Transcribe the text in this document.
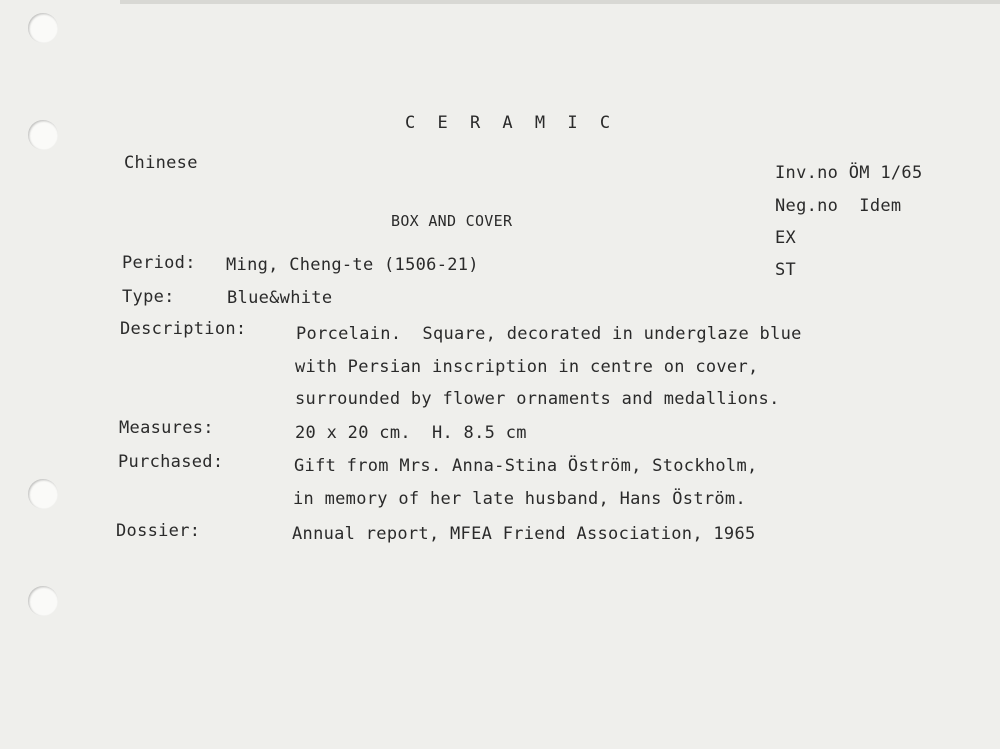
C E R A M I C
Chinese	Inv.no ÖM 1/65
Neg.no  Idem
EX
ST
BOX AND COVER
Period: Ming, Cheng-te (1506-21)
Type:	Blue&white
Description:	Porcelain.  Square, decorated in underglaze blue
with Persian inscription in centre on cover,
surrounded by flower ornaments and medallions.
Measures:	20 x 20 cm.  H. 8.5 cm
Purchased:	Gift from Mrs. Anna-Stina Öström, Stockholm,
in memory of her late husband, Hans Öström.
Dossier:	Annual report, MFEA Friend Association, 1965
